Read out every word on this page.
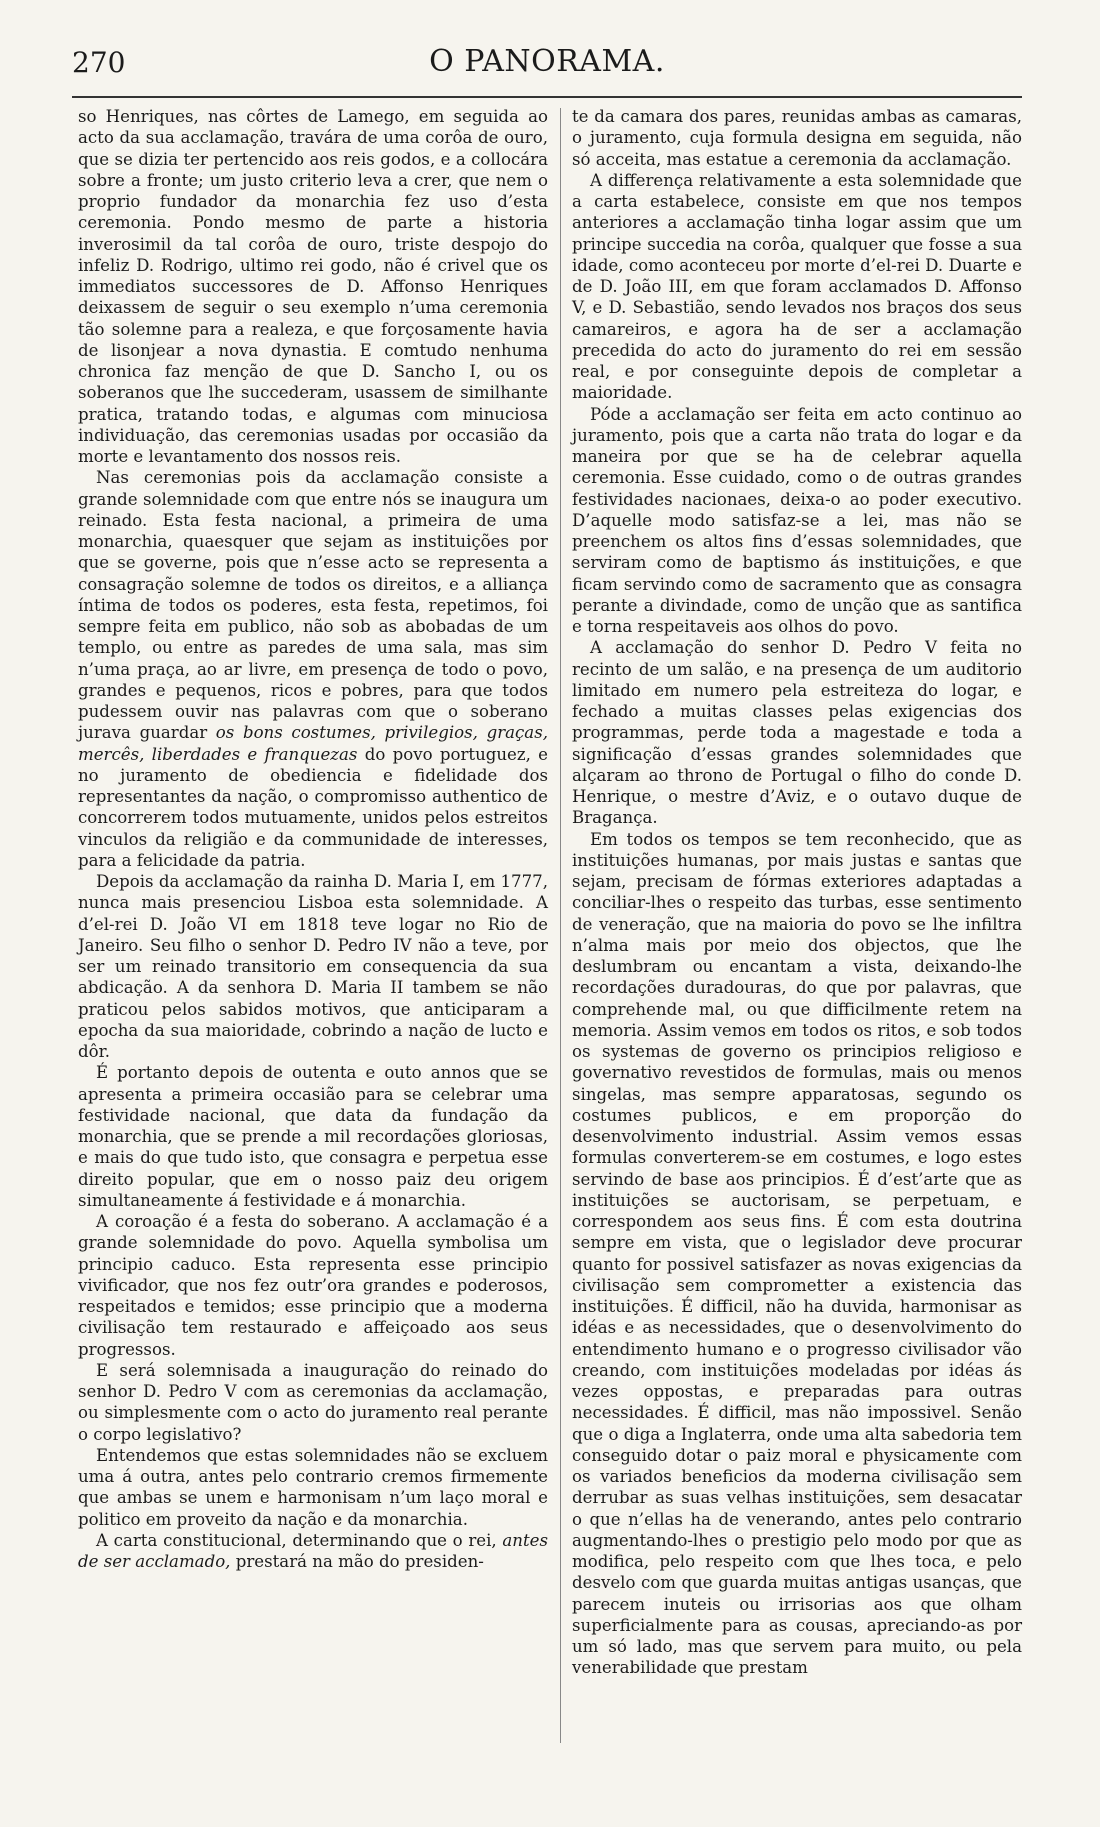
270	O PANORAMA.

so Henriques, nas côrtes de Lamego, em seguida ao acto da sua acclamação, travára de uma corôa de ouro, que se dizia ter pertencido aos reis godos, e a collocára sobre a fronte; um justo criterio leva a crer, que nem o proprio fundador da monarchia fez uso d’esta ceremonia. Pondo mesmo de parte a historia inverosimil da tal corôa de ouro, triste despojo do infeliz D. Rodrigo, ultimo rei godo, não é crivel que os immediatos successores de D. Affonso Henriques deixassem de seguir o seu exemplo n’uma ceremonia tão solemne para a realeza, e que forçosamente havia de lisonjear a nova dynastia. E comtudo nenhuma chronica faz menção de que D. Sancho I, ou os soberanos que lhe succederam, usassem de similhante pratica, tratando todas, e algumas com minuciosa individuação, das ceremonias usadas por occasião da morte e levantamento dos nossos reis.

Nas ceremonias pois da acclamação consiste a grande solemnidade com que entre nós se inaugura um reinado. Esta festa nacional, a primeira de uma monarchia, quaesquer que sejam as instituições por que se governe, pois que n’esse acto se representa a consagração solemne de todos os direitos, e a alliança íntima de todos os poderes, esta festa, repetimos, foi sempre feita em publico, não sob as abobadas de um templo, ou entre as paredes de uma sala, mas sim n’uma praça, ao ar livre, em presença de todo o povo, grandes e pequenos, ricos e pobres, para que todos pudessem ouvir nas palavras com que o soberano jurava guardar os bons costumes, privilegios, graças, mercês, liberdades e franquezas do povo portuguez, e no juramento de obediencia e fidelidade dos representantes da nação, o compromisso authentico de concorrerem todos mutuamente, unidos pelos estreitos vinculos da religião e da communidade de interesses, para a felicidade da patria.

Depois da acclamação da rainha D. Maria I, em 1777, nunca mais presenciou Lisboa esta solemnidade. A d’el-rei D. João VI em 1818 teve logar no Rio de Janeiro. Seu filho o senhor D. Pedro IV não a teve, por ser um reinado transitorio em consequencia da sua abdicação. A da senhora D. Maria II tambem se não praticou pelos sabidos motivos, que anticiparam a epocha da sua maioridade, cobrindo a nação de lucto e dôr.

É portanto depois de outenta e outo annos que se apresenta a primeira occasião para se celebrar uma festividade nacional, que data da fundação da monarchia, que se prende a mil recordações gloriosas, e mais do que tudo isto, que consagra e perpetua esse direito popular, que em o nosso paiz deu origem simultaneamente á festividade e á monarchia.

A coroação é a festa do soberano. A acclamação é a grande solemnidade do povo. Aquella symbolisa um principio caduco. Esta representa esse principio vivificador, que nos fez outr’ora grandes e poderosos, respeitados e temidos; esse principio que a moderna civilisação tem restaurado e affeiçoado aos seus progressos.

E será solemnisada a inauguração do reinado do senhor D. Pedro V com as ceremonias da acclamação, ou simplesmente com o acto do juramento real perante o corpo legislativo?

Entendemos que estas solemnidades não se excluem uma á outra, antes pelo contrario cremos firmemente que ambas se unem e harmonisam n’um laço moral e politico em proveito da nação e da monarchia.

A carta constitucional, determinando que o rei, antes de ser acclamado, prestará na mão do presiden-

te da camara dos pares, reunidas ambas as camaras, o juramento, cuja formula designa em seguida, não só acceita, mas estatue a ceremonia da acclamação.

A differença relativamente a esta solemnidade que a carta estabelece, consiste em que nos tempos anteriores a acclamação tinha logar assim que um principe succedia na corôa, qualquer que fosse a sua idade, como aconteceu por morte d’el-rei D. Duarte e de D. João III, em que foram acclamados D. Affonso V, e D. Sebastião, sendo levados nos braços dos seus camareiros, e agora ha de ser a acclamação precedida do acto do juramento do rei em sessão real, e por conseguinte depois de completar a maioridade.

Póde a acclamação ser feita em acto continuo ao juramento, pois que a carta não trata do logar e da maneira por que se ha de celebrar aquella ceremonia. Esse cuidado, como o de outras grandes festividades nacionaes, deixa-o ao poder executivo. D’aquelle modo satisfaz-se a lei, mas não se preenchem os altos fins d’essas solemnidades, que serviram como de baptismo ás instituições, e que ficam servindo como de sacramento que as consagra perante a divindade, como de unção que as santifica e torna respeitaveis aos olhos do povo.

A acclamação do senhor D. Pedro V feita no recinto de um salão, e na presença de um auditorio limitado em numero pela estreiteza do logar, e fechado a muitas classes pelas exigencias dos programmas, perde toda a magestade e toda a significação d’essas grandes solemnidades que alçaram ao throno de Portugal o filho do conde D. Henrique, o mestre d’Aviz, e o outavo duque de Bragança.

Em todos os tempos se tem reconhecido, que as instituições humanas, por mais justas e santas que sejam, precisam de fórmas exteriores adaptadas a conciliar-lhes o respeito das turbas, esse sentimento de veneração, que na maioria do povo se lhe infiltra n’alma mais por meio dos objectos, que lhe deslumbram ou encantam a vista, deixando-lhe recordações duradouras, do que por palavras, que comprehende mal, ou que difficilmente retem na memoria. Assim vemos em todos os ritos, e sob todos os systemas de governo os principios religioso e governativo revestidos de formulas, mais ou menos singelas, mas sempre apparatosas, segundo os costumes publicos, e em proporção do desenvolvimento industrial. Assim vemos essas formulas converterem-se em costumes, e logo estes servindo de base aos principios. É d’est’arte que as instituições se auctorisam, se perpetuam, e correspondem aos seus fins. É com esta doutrina sempre em vista, que o legislador deve procurar quanto for possivel satisfazer as novas exigencias da civilisação sem comprometter a existencia das instituições. É difficil, não ha duvida, harmonisar as idéas e as necessidades, que o desenvolvimento do entendimento humano e o progresso civilisador vão creando, com instituições modeladas por idéas ás vezes oppostas, e preparadas para outras necessidades. É difficil, mas não impossivel. Senão que o diga a Inglaterra, onde uma alta sabedoria tem conseguido dotar o paiz moral e physicamente com os variados beneficios da moderna civilisação sem derrubar as suas velhas instituições, sem desacatar o que n’ellas ha de venerando, antes pelo contrario augmentando-lhes o prestigio pelo modo por que as modifica, pelo respeito com que lhes toca, e pelo desvelo com que guarda muitas antigas usanças, que parecem inuteis ou irrisorias aos que olham superficialmente para as cousas, apreciando-as por um só lado, mas que servem para muito, ou pela venerabilidade que prestam
